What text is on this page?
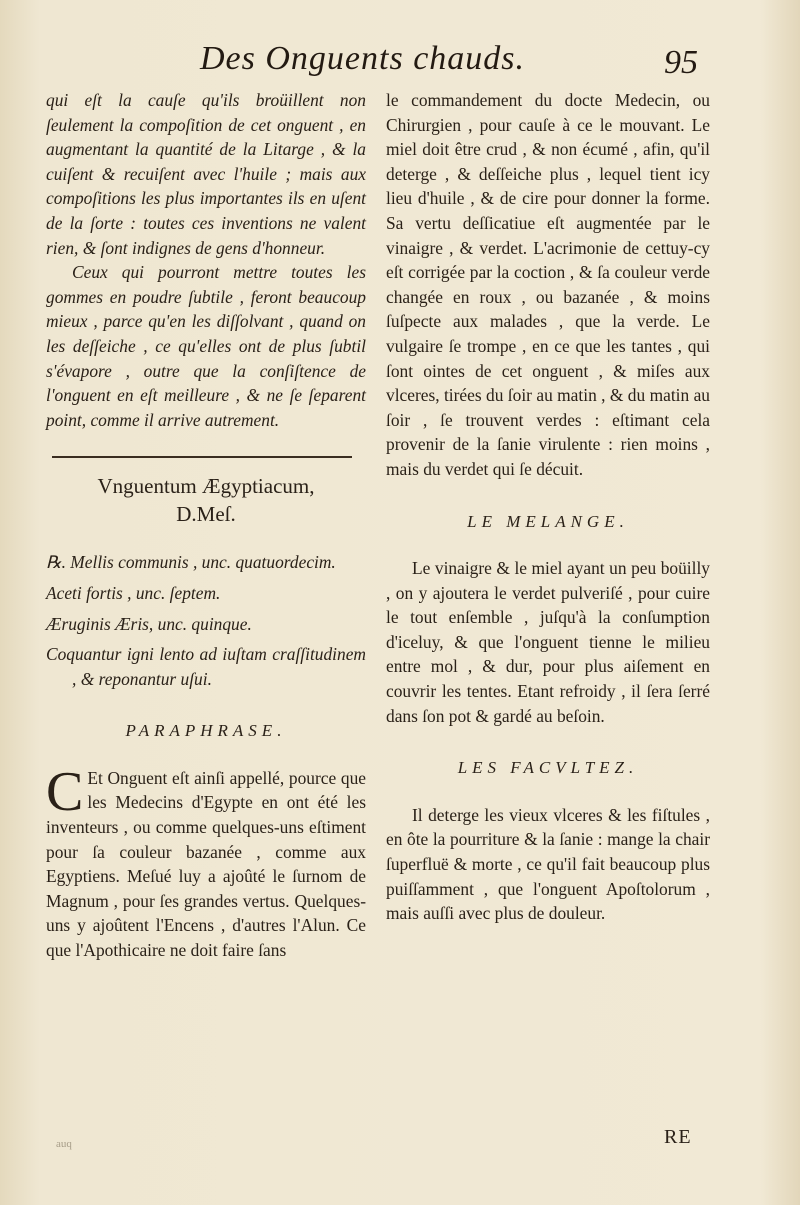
Des Onguents chauds.	95

qui eſt la cauſe qu'ils broüillent non ſeulement la compoſition de cet onguent , en augmentant la quantité de la Litarge , & la cuiſent & recuiſent avec l'huile ; mais aux compoſitions les plus importantes ils en uſent de la ſorte : toutes ces inventions ne valent rien, & ſont indignes de gens d'honneur.

Ceux qui pourront mettre toutes les gommes en poudre ſubtile , feront beaucoup mieux , parce qu'en les diſſolvant , quand on les deſſeiche , ce qu'elles ont de plus ſubtil s'évapore , outre que la conſiſtence de l'onguent en eſt meilleure , & ne ſe ſeparent point, comme il arrive autrement.

Vnguentum Ægyptiacum,
D.Meſ.

℞. Mellis communis , unc. quatuordecim.

Aceti fortis , unc. ſeptem.

Æruginis Æris, unc. quinque.

Coquantur igni lento ad iuſtam craſſitudinem , & reponantur uſui.

PARAPHRASE.

C Et Onguent eſt ainſi appellé, pource que les Medecins d'Egypte en ont été les inventeurs , ou comme quelques-uns eſtiment pour ſa couleur bazanée , comme aux Egyptiens. Meſué luy a ajoûté le ſurnom de Magnum , pour ſes grandes vertus. Quelques-uns y ajoûtent l'Encens , d'autres l'Alun. Ce que l'Apothicaire ne doit faire ſans

le commandement du docte Medecin, ou Chirurgien , pour cauſe à ce le mouvant. Le miel doit être crud , & non écumé , afin, qu'il deterge , & deſſeiche plus , lequel tient icy lieu d'huile , & de cire pour donner la forme. Sa vertu deſſicatiue eſt augmentée par le vinaigre , & verdet. L'acrimonie de cettuy-cy eſt corrigée par la coction , & ſa couleur verde changée en roux , ou bazanée , & moins ſuſpecte aux malades , que la verde. Le vulgaire ſe trompe , en ce que les tantes , qui ſont ointes de cet onguent , & miſes aux vlceres, tirées du ſoir au matin , & du matin au ſoir , ſe trouvent verdes : eſtimant cela provenir de la ſanie virulente : rien moins , mais du verdet qui ſe décuit.

LE MELANGE.

Le vinaigre & le miel ayant un peu boüilly , on y ajoutera le verdet pulveriſé , pour cuire le tout enſemble , juſqu'à la conſumption d'iceluy, & que l'onguent tienne le milieu entre mol , & dur, pour plus aiſement en couvrir les tentes. Etant refroidy , il ſera ſerré dans ſon pot & gardé au beſoin.

LES FACVLTEZ.

Il deterge les vieux vlceres & les fiſtules , en ôte la pourriture & la ſanie : mange la chair ſuperfluë & morte , ce qu'il fait beaucoup plus puiſſamment , que l'onguent Apoſtolorum , mais auſſi avec plus de douleur.

auq	RE
